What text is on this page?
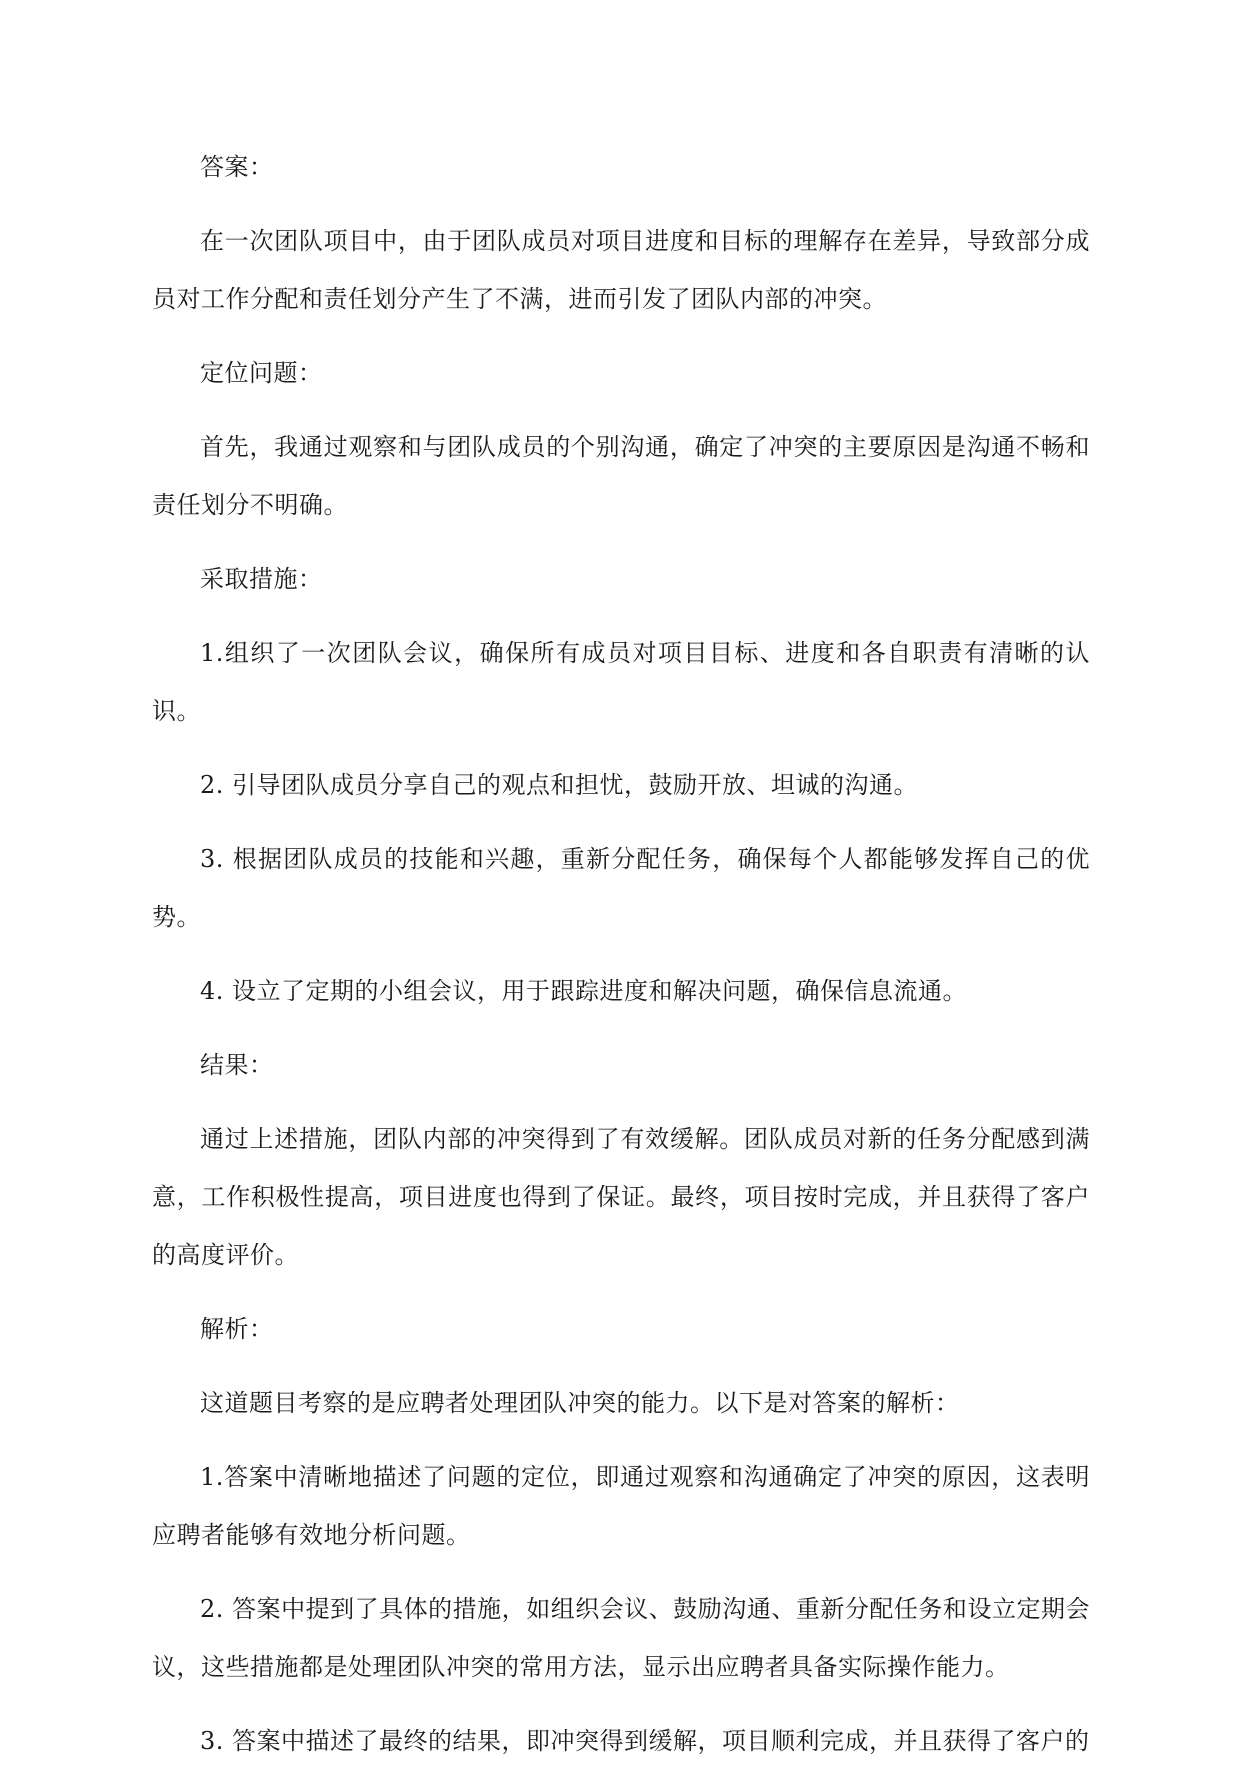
答案：

在一次团队项目中，由于团队成员对项目进度和目标的理解存在差异，导致部分成员对工作分配和责任划分产生了不满，进而引发了团队内部的冲突。

定位问题：

首先，我通过观察和与团队成员的个别沟通，确定了冲突的主要原因是沟通不畅和责任划分不明确。

采取措施：

1.组织了一次团队会议，确保所有成员对项目目标、进度和各自职责有清晰的认识。

2. 引导团队成员分享自己的观点和担忧，鼓励开放、坦诚的沟通。

3. 根据团队成员的技能和兴趣，重新分配任务，确保每个人都能够发挥自己的优势。

4. 设立了定期的小组会议，用于跟踪进度和解决问题，确保信息流通。

结果：

通过上述措施，团队内部的冲突得到了有效缓解。团队成员对新的任务分配感到满意，工作积极性提高，项目进度也得到了保证。最终，项目按时完成，并且获得了客户的高度评价。

解析：

这道题目考察的是应聘者处理团队冲突的能力。以下是对答案的解析：

1.答案中清晰地描述了问题的定位，即通过观察和沟通确定了冲突的原因，这表明应聘者能够有效地分析问题。

2. 答案中提到了具体的措施，如组织会议、鼓励沟通、重新分配任务和设立定期会议，这些措施都是处理团队冲突的常用方法，显示出应聘者具备实际操作能力。

3. 答案中描述了最终的结果，即冲突得到缓解，项目顺利完成，并且获得了客户的
